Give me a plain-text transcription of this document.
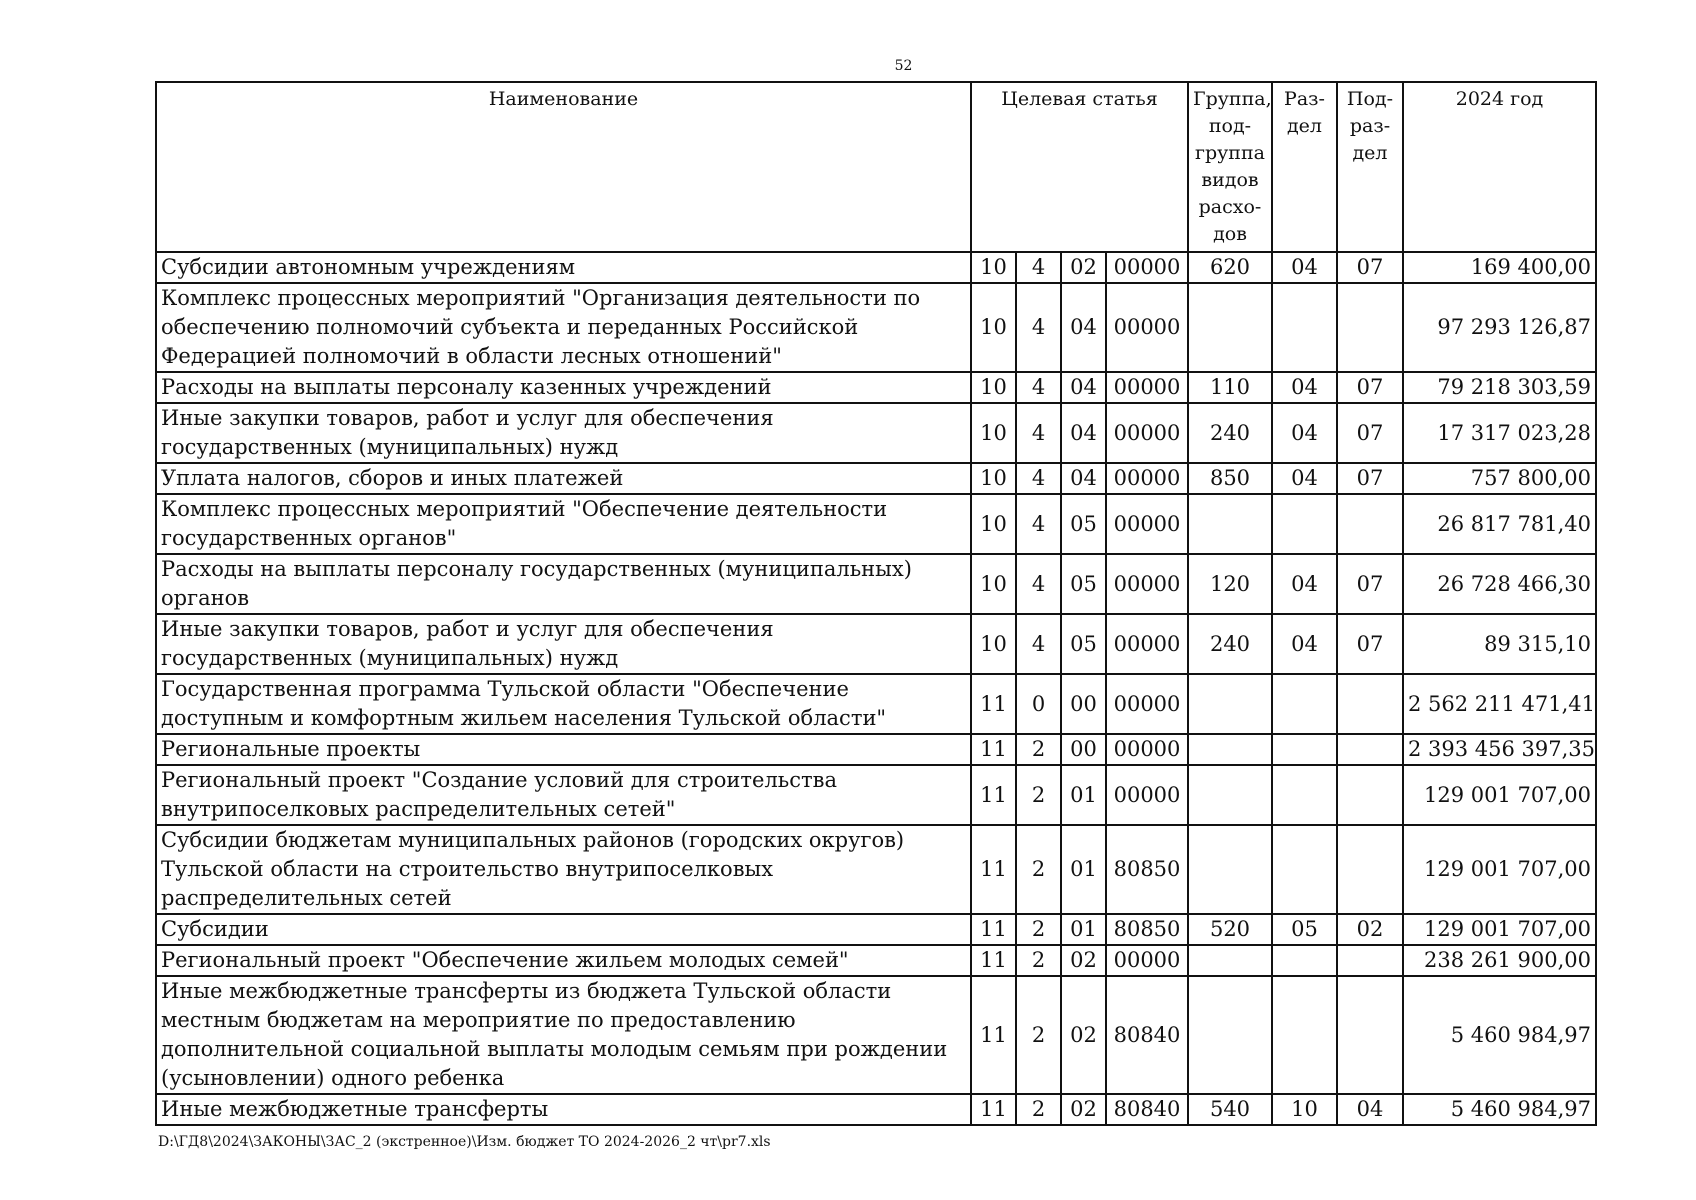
52
Наименование	Целевая статья				Группа, под-группа видов расхо-дов	Раз-дел	Под-раз-дел	2024 год
Субсидии автономным учреждениям	10	4	02	00000	620	04	07	169 400,00
Комплекс процессных мероприятий "Организация деятельности по обеспечению полномочий субъекта и переданных Российской Федерацией полномочий в области лесных отношений"	10	4	04	00000				97 293 126,87
Расходы на выплаты персоналу казенных учреждений	10	4	04	00000	110	04	07	79 218 303,59
Иные закупки товаров, работ и услуг для обеспечения государственных (муниципальных) нужд	10	4	04	00000	240	04	07	17 317 023,28
Уплата налогов, сборов и иных платежей	10	4	04	00000	850	04	07	757 800,00
Комплекс процессных мероприятий "Обеспечение деятельности государственных органов"	10	4	05	00000				26 817 781,40
Расходы на выплаты персоналу государственных (муниципальных) органов	10	4	05	00000	120	04	07	26 728 466,30
Иные закупки товаров, работ и услуг для обеспечения государственных (муниципальных) нужд	10	4	05	00000	240	04	07	89 315,10
Государственная программа Тульской области "Обеспечение доступным и комфортным жильем населения Тульской области"	11	0	00	00000				2 562 211 471,41
Региональные проекты	11	2	00	00000				2 393 456 397,35
Региональный проект "Создание условий для строительства внутрипоселковых распределительных сетей"	11	2	01	00000				129 001 707,00
Субсидии бюджетам муниципальных районов (городских округов) Тульской области на строительство внутрипоселковых распределительных сетей	11	2	01	80850				129 001 707,00
Субсидии	11	2	01	80850	520	05	02	129 001 707,00
Региональный проект "Обеспечение жильем молодых семей"	11	2	02	00000				238 261 900,00
Иные межбюджетные трансферты из бюджета Тульской области местным бюджетам на мероприятие по предоставлению дополнительной социальной выплаты молодым семьям при рождении (усыновлении) одного ребенка	11	2	02	80840				5 460 984,97
Иные межбюджетные трансферты	11	2	02	80840	540	10	04	5 460 984,97
D:\ГД8\2024\ЗАКОНЫ\ЗАС_2 (экстренное)\Изм. бюджет ТО 2024-2026_2 чт\pr7.xls
